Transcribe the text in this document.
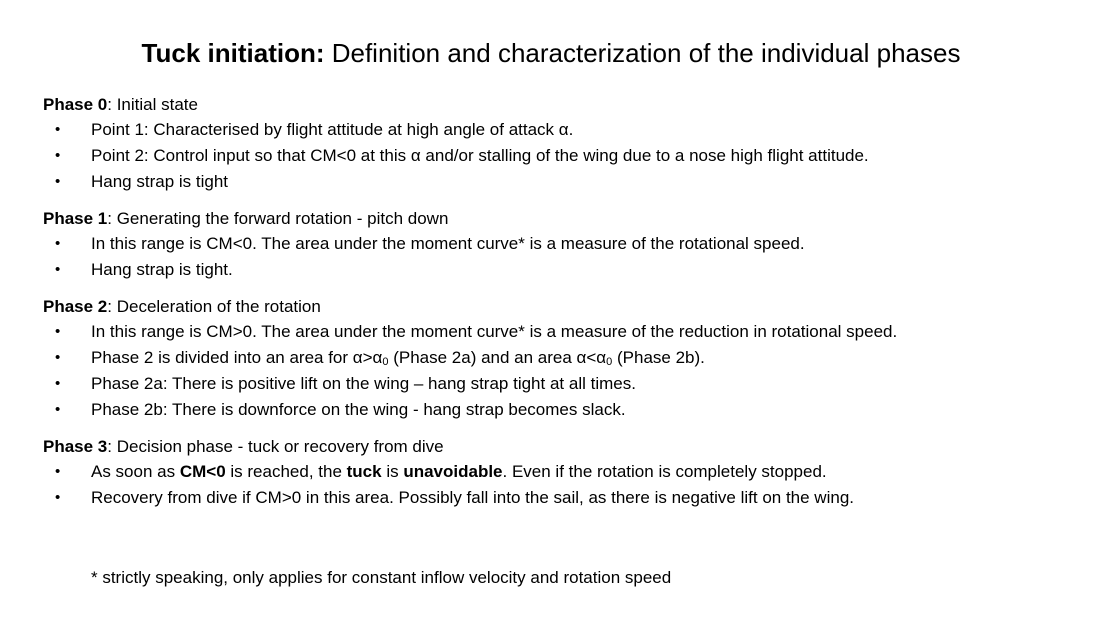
Tuck initiation: Definition and characterization of the individual phases
Phase 0: Initial state
• Point 1: Characterised by flight attitude at high angle of attack α.
• Point 2: Control input so that CM<0 at this α and/or stalling of the wing due to a nose high flight attitude.
• Hang strap is tight
Phase 1: Generating the forward rotation - pitch down
• In this range is CM<0. The area under the moment curve* is a measure of the rotational speed.
• Hang strap is tight.
Phase 2: Deceleration of the rotation
• In this range is CM>0. The area under the moment curve* is a measure of the reduction in rotational speed.
• Phase 2 is divided into an area for $\alpha>\alpha_0$ (Phase 2a) and an area $\alpha<\alpha_0$ (Phase 2b).
• Phase 2a: There is positive lift on the wing – hang strap tight at all times.
• Phase 2b: There is downforce on the wing - hang strap becomes slack.
Phase 3: Decision phase - tuck or recovery from dive
• As soon as CM<0 is reached, the tuck is unavoidable. Even if the rotation is completely stopped.
• Recovery from dive if CM>0 in this area. Possibly fall into the sail, as there is negative lift on the wing.
* strictly speaking, only applies for constant inflow velocity and rotation speed
